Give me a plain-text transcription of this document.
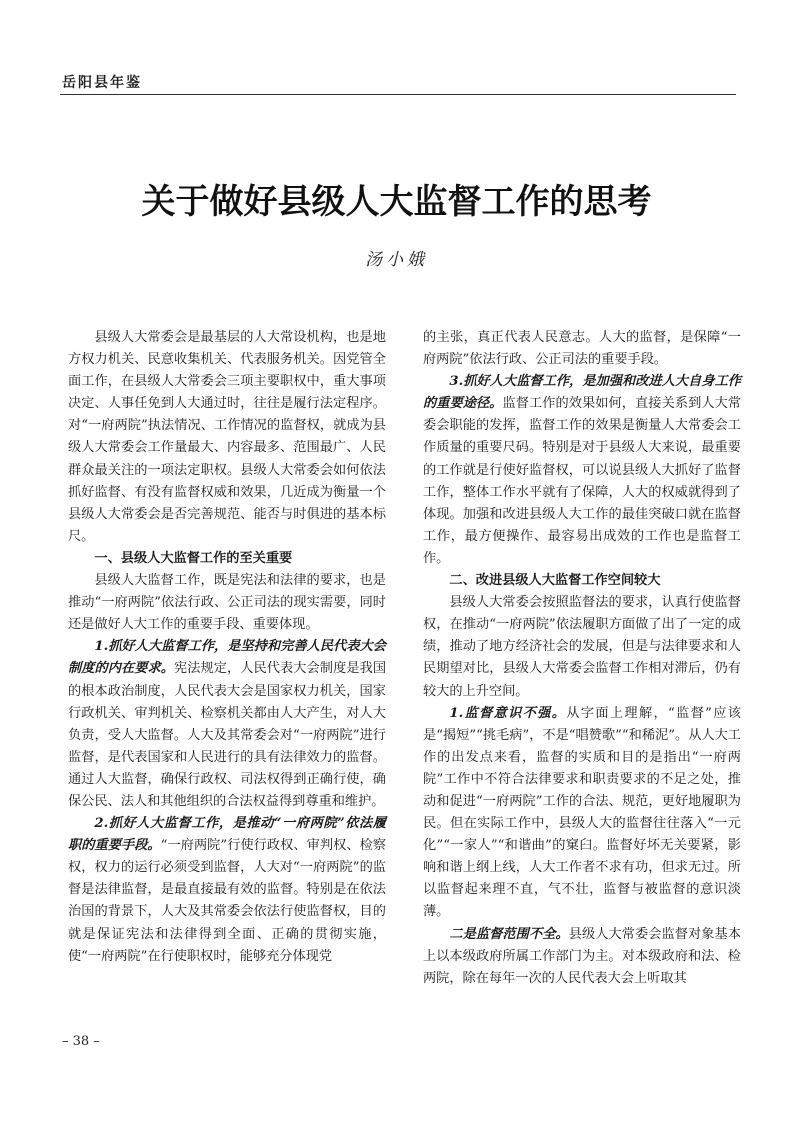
岳阳县年鉴
关于做好县级人大监督工作的思考
汤小娥

县级人大常委会是最基层的人大常设机构，也是地方权力机关、民意收集机关、代表服务机关。因党管全面工作，在县级人大常委会三项主要职权中，重大事项决定、人事任免到人大通过时，往往是履行法定程序。对“一府两院”执法情况、工作情况的监督权，就成为县级人大常委会工作量最大、内容最多、范围最广、人民群众最关注的一项法定职权。县级人大常委会如何依法抓好监督、有没有监督权威和效果，几近成为衡量一个县级人大常委会是否完善规范、能否与时俱进的基本标尺。

一、县级人大监督工作的至关重要

县级人大监督工作，既是宪法和法律的要求，也是推动“一府两院”依法行政、公正司法的现实需要，同时还是做好人大工作的重要手段、重要体现。

1.抓好人大监督工作，是坚持和完善人民代表大会制度的内在要求。宪法规定，人民代表大会制度是我国的根本政治制度，人民代表大会是国家权力机关，国家行政机关、审判机关、检察机关都由人大产生，对人大负责，受人大监督。人大及其常委会对“一府两院”进行监督，是代表国家和人民进行的具有法律效力的监督。通过人大监督，确保行政权、司法权得到正确行使，确保公民、法人和其他组织的合法权益得到尊重和维护。

2.抓好人大监督工作，是推动“一府两院”依法履职的重要手段。“一府两院”行使行政权、审判权、检察权，权力的运行必须受到监督，人大对“一府两院”的监督是法律监督，是最直接最有效的监督。特别是在依法治国的背景下，人大及其常委会依法行使监督权，目的就是保证宪法和法律得到全面、正确的贯彻实施，使“一府两院”在行使职权时，能够充分体现党

的主张，真正代表人民意志。人大的监督，是保障“一府两院”依法行政、公正司法的重要手段。

3.抓好人大监督工作，是加强和改进人大自身工作的重要途径。监督工作的效果如何，直接关系到人大常委会职能的发挥，监督工作的效果是衡量人大常委会工作质量的重要尺码。特别是对于县级人大来说，最重要的工作就是行使好监督权，可以说县级人大抓好了监督工作，整体工作水平就有了保障，人大的权威就得到了体现。加强和改进县级人大工作的最佳突破口就在监督工作，最方便操作、最容易出成效的工作也是监督工作。

二、改进县级人大监督工作空间较大

县级人大常委会按照监督法的要求，认真行使监督权，在推动“一府两院”依法履职方面做了出了一定的成绩，推动了地方经济社会的发展，但是与法律要求和人民期望对比，县级人大常委会监督工作相对滞后，仍有较大的上升空间。

1.监督意识不强。从字面上理解，“监督”应该是“揭短”“挑毛病”，不是“唱赞歌”“和稀泥”。从人大工作的出发点来看，监督的实质和目的是指出“一府两院”工作中不符合法律要求和职责要求的不足之处，推动和促进“一府两院”工作的合法、规范，更好地履职为民。但在实际工作中，县级人大的监督往往落入“一元化”“一家人”“和谐曲”的窠臼。监督好坏无关要紧，影响和谐上纲上线，人大工作者不求有功，但求无过。所以监督起来理不直，气不壮，监督与被监督的意识淡薄。

二是监督范围不全。县级人大常委会监督对象基本上以本级政府所属工作部门为主。对本级政府和法、检两院，除在每年一次的人民代表大会上听取其

– 38 –
